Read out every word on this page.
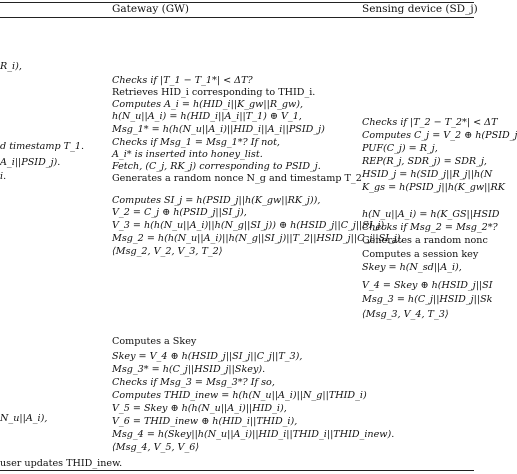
Gateway (GW)	Sensing device (SD_j)
R_i),
d timestamp T_1.
A_i||PSID_j).
i.
N_u||A_i),
user updates THID_inew.
Checks if |T_1 − T_1*| < ΔT?
Retrieves HID_i corresponding to THID_i.
Computes A_i = h(HID_i||K_gw||R_gw),
h(N_u||A_i) = h(HID_i||A_i||T_1) ⊕ V_1,
Msg_1* = h(h(N_u||A_i)||HID_i||A_i||PSID_j)
Checks if Msg_1 = Msg_1*? If not,
A_i* is inserted into honey_list.
Fetch, (C_j, RK_j) corresponding to PSID_j.
Generates a random nonce N_g and timestamp T_2
Computes SI_j = h(PSID_j||h(K_gw||RK_j)),
V_2 = C_j ⊕ h(PSID_j||SI_j),
V_3 = h(h(N_u||A_i)||h(N_g||SI_j)) ⊕ h(HSID_j||C_j||SI_j),
Msg_2 = h(h(N_u||A_i)||h(N_g||SI_j)||T_2||HSID_j||C_j||SI_j),
⟨Msg_2, V_2, V_3, T_2⟩
Computes a Skey
Skey = V_4 ⊕ h(HSID_j||SI_j||C_j||T_3),
Msg_3* = h(C_j||HSID_j||Skey).
Checks if Msg_3 = Msg_3*? If so,
Computes THID_inew = h(h(N_u||A_i)||N_g||THID_i)
V_5 = Skey ⊕ h(h(N_u||A_i)||HID_i),
V_6 = THID_inew ⊕ h(HID_i||THID_i),
Msg_4 = h(Skey||h(N_u||A_i)||HID_i||THID_i||THID_inew).
⟨Msg_4, V_5, V_6⟩
Checks if |T_2 − T_2*| < ΔT
Computes C_j = V_2 ⊕ h(PSID_j
PUF(C_j) = R_j,
REP(R_j, SDR_j) = SDR_j,
HSID_j = h(SID_j||R_j||h(N
K_gs = h(PSID_j||h(K_gw||RK
h(N_u||A_i) = h(K_GS||HSID
Checks if Msg_2 = Msg_2*?
Generates a random nonc
Computes a session key
Skey = h(N_sd||A_i),
V_4 = Skey ⊕ h(HSID_j||SI
Msg_3 = h(C_j||HSID_j||Sk
⟨Msg_3, V_4, T_3⟩
